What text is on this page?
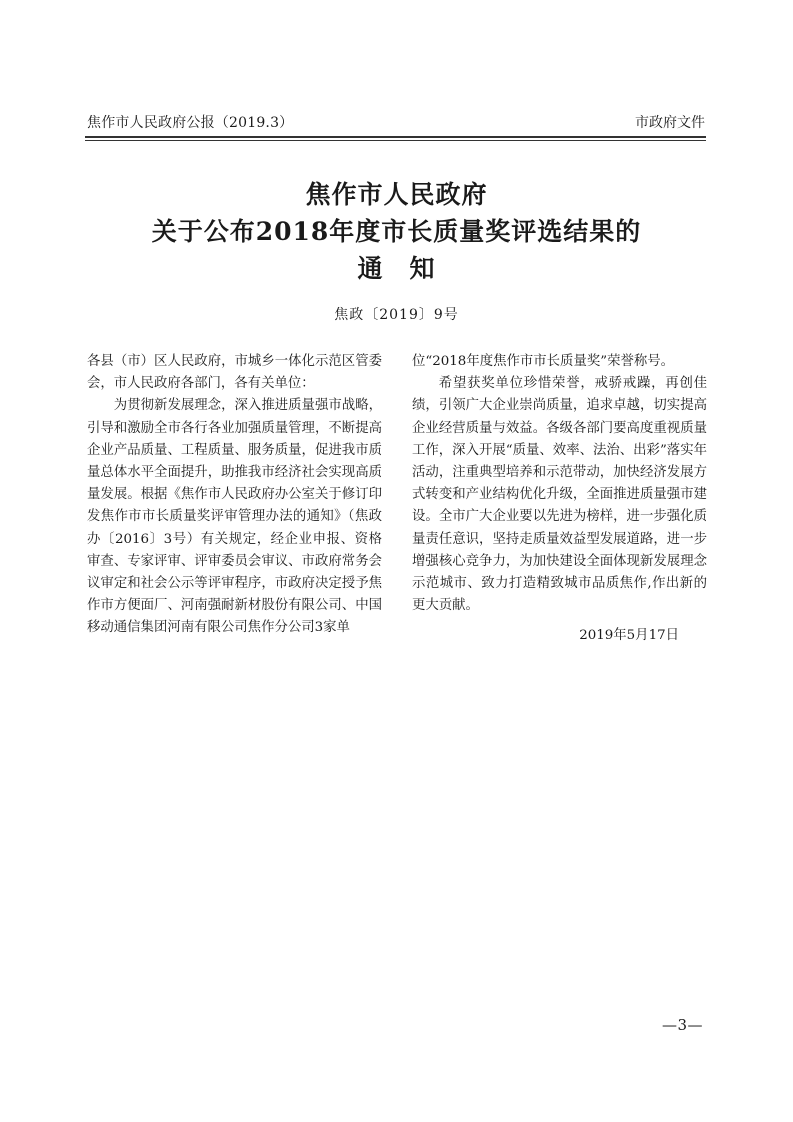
焦作市人民政府公报（2019.3）	市政府文件
焦作市人民政府
关于公布2018年度市长质量奖评选结果的
通　知
焦政〔2019〕9号

各县（市）区人民政府，市城乡一体化示范区管委会，市人民政府各部门，各有关单位：

为贯彻新发展理念，深入推进质量强市战略，引导和激励全市各行各业加强质量管理，不断提高企业产品质量、工程质量、服务质量，促进我市质量总体水平全面提升，助推我市经济社会实现高质量发展。根据《焦作市人民政府办公室关于修订印发焦作市市长质量奖评审管理办法的通知》（焦政办〔2016〕3号）有关规定，经企业申报、资格审查、专家评审、评审委员会审议、市政府常务会议审定和社会公示等评审程序，市政府决定授予焦作市方便面厂、河南强耐新材股份有限公司、中国移动通信集团河南有限公司焦作分公司3家单

位“2018年度焦作市市长质量奖”荣誉称号。

希望获奖单位珍惜荣誉，戒骄戒躁，再创佳绩，引领广大企业崇尚质量，追求卓越，切实提高企业经营质量与效益。各级各部门要高度重视质量工作，深入开展“质量、效率、法治、出彩”落实年活动，注重典型培养和示范带动，加快经济发展方式转变和产业结构优化升级，全面推进质量强市建设。全市广大企业要以先进为榜样，进一步强化质量责任意识，坚持走质量效益型发展道路，进一步增强核心竞争力，为加快建设全面体现新发展理念示范城市、致力打造精致城市品质焦作,作出新的更大贡献。

2019年5月17日

—3—
